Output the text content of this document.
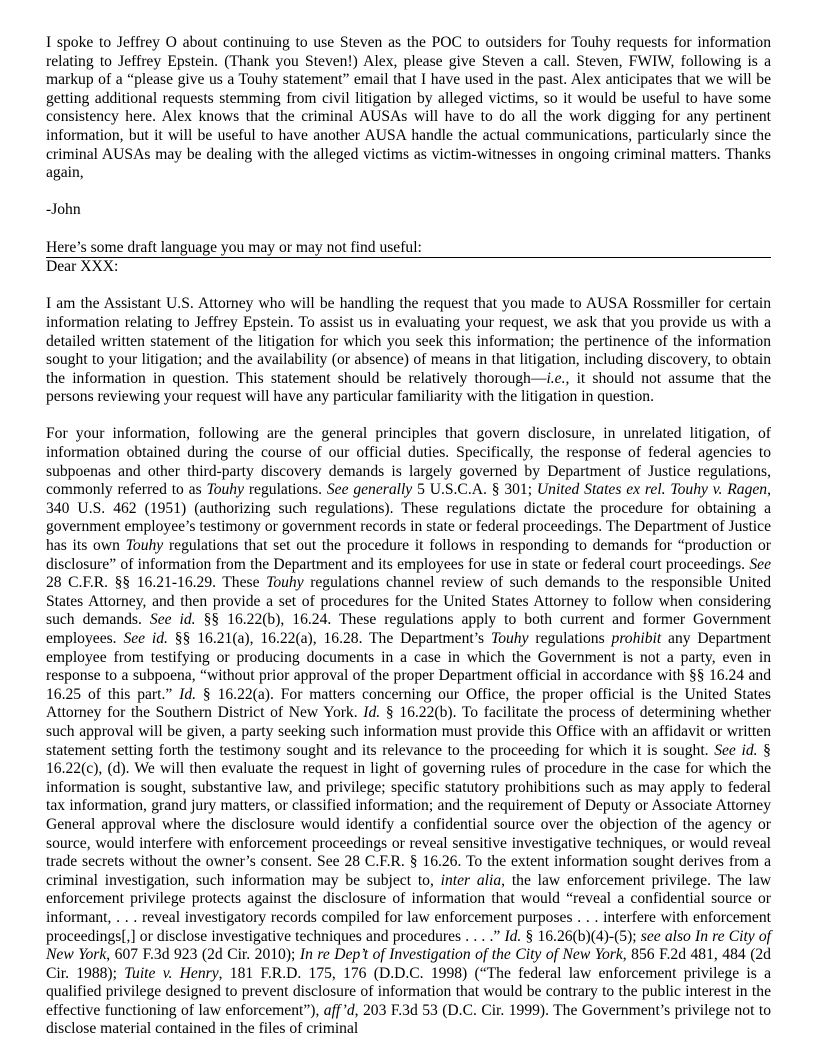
I spoke to Jeffrey O about continuing to use Steven as the POC to outsiders for Touhy requests for information relating to Jeffrey Epstein. (Thank you Steven!) Alex, please give Steven a call. Steven, FWIW, following is a markup of a “please give us a Touhy statement” email that I have used in the past. Alex anticipates that we will be getting additional requests stemming from civil litigation by alleged victims, so it would be useful to have some consistency here. Alex knows that the criminal AUSAs will have to do all the work digging for any pertinent information, but it will be useful to have another AUSA handle the actual communications, particularly since the criminal AUSAs may be dealing with the alleged victims as victim-witnesses in ongoing criminal matters. Thanks again,

-John

Here’s some draft language you may or may not find useful:

Dear XXX:

I am the Assistant U.S. Attorney who will be handling the request that you made to AUSA Rossmiller for certain information relating to Jeffrey Epstein. To assist us in evaluating your request, we ask that you provide us with a detailed written statement of the litigation for which you seek this information; the pertinence of the information sought to your litigation; and the availability (or absence) of means in that litigation, including discovery, to obtain the information in question. This statement should be relatively thorough—i.e., it should not assume that the persons reviewing your request will have any particular familiarity with the litigation in question.

For your information, following are the general principles that govern disclosure, in unrelated litigation, of information obtained during the course of our official duties. Specifically, the response of federal agencies to subpoenas and other third-party discovery demands is largely governed by Department of Justice regulations, commonly referred to as Touhy regulations. See generally 5 U.S.C.A. § 301; United States ex rel. Touhy v. Ragen, 340 U.S. 462 (1951) (authorizing such regulations). These regulations dictate the procedure for obtaining a government employee’s testimony or government records in state or federal proceedings. The Department of Justice has its own Touhy regulations that set out the procedure it follows in responding to demands for “production or disclosure” of information from the Department and its employees for use in state or federal court proceedings. See 28 C.F.R. §§ 16.21-16.29. These Touhy regulations channel review of such demands to the responsible United States Attorney, and then provide a set of procedures for the United States Attorney to follow when considering such demands. See id. §§ 16.22(b), 16.24. These regulations apply to both current and former Government employees. See id. §§ 16.21(a), 16.22(a), 16.28. The Department’s Touhy regulations prohibit any Department employee from testifying or producing documents in a case in which the Government is not a party, even in response to a subpoena, “without prior approval of the proper Department official in accordance with §§ 16.24 and 16.25 of this part.” Id. § 16.22(a). For matters concerning our Office, the proper official is the United States Attorney for the Southern District of New York. Id. § 16.22(b). To facilitate the process of determining whether such approval will be given, a party seeking such information must provide this Office with an affidavit or written statement setting forth the testimony sought and its relevance to the proceeding for which it is sought. See id. § 16.22(c), (d). We will then evaluate the request in light of governing rules of procedure in the case for which the information is sought, substantive law, and privilege; specific statutory prohibitions such as may apply to federal tax information, grand jury matters, or classified information; and the requirement of Deputy or Associate Attorney General approval where the disclosure would identify a confidential source over the objection of the agency or source, would interfere with enforcement proceedings or reveal sensitive investigative techniques, or would reveal trade secrets without the owner’s consent. See 28 C.F.R. § 16.26. To the extent information sought derives from a criminal investigation, such information may be subject to, inter alia, the law enforcement privilege. The law enforcement privilege protects against the disclosure of information that would “reveal a confidential source or informant, . . . reveal investigatory records compiled for law enforcement purposes . . . interfere with enforcement proceedings[,] or disclose investigative techniques and procedures . . . .” Id. § 16.26(b)(4)-(5); see also In re City of New York, 607 F.3d 923 (2d Cir. 2010); In re Dep’t of Investigation of the City of New York, 856 F.2d 481, 484 (2d Cir. 1988); Tuite v. Henry, 181 F.R.D. 175, 176 (D.D.C. 1998) (“The federal law enforcement privilege is a qualified privilege designed to prevent disclosure of information that would be contrary to the public interest in the effective functioning of law enforcement”), aff’d, 203 F.3d 53 (D.C. Cir. 1999). The Government’s privilege not to disclose material contained in the files of criminal
